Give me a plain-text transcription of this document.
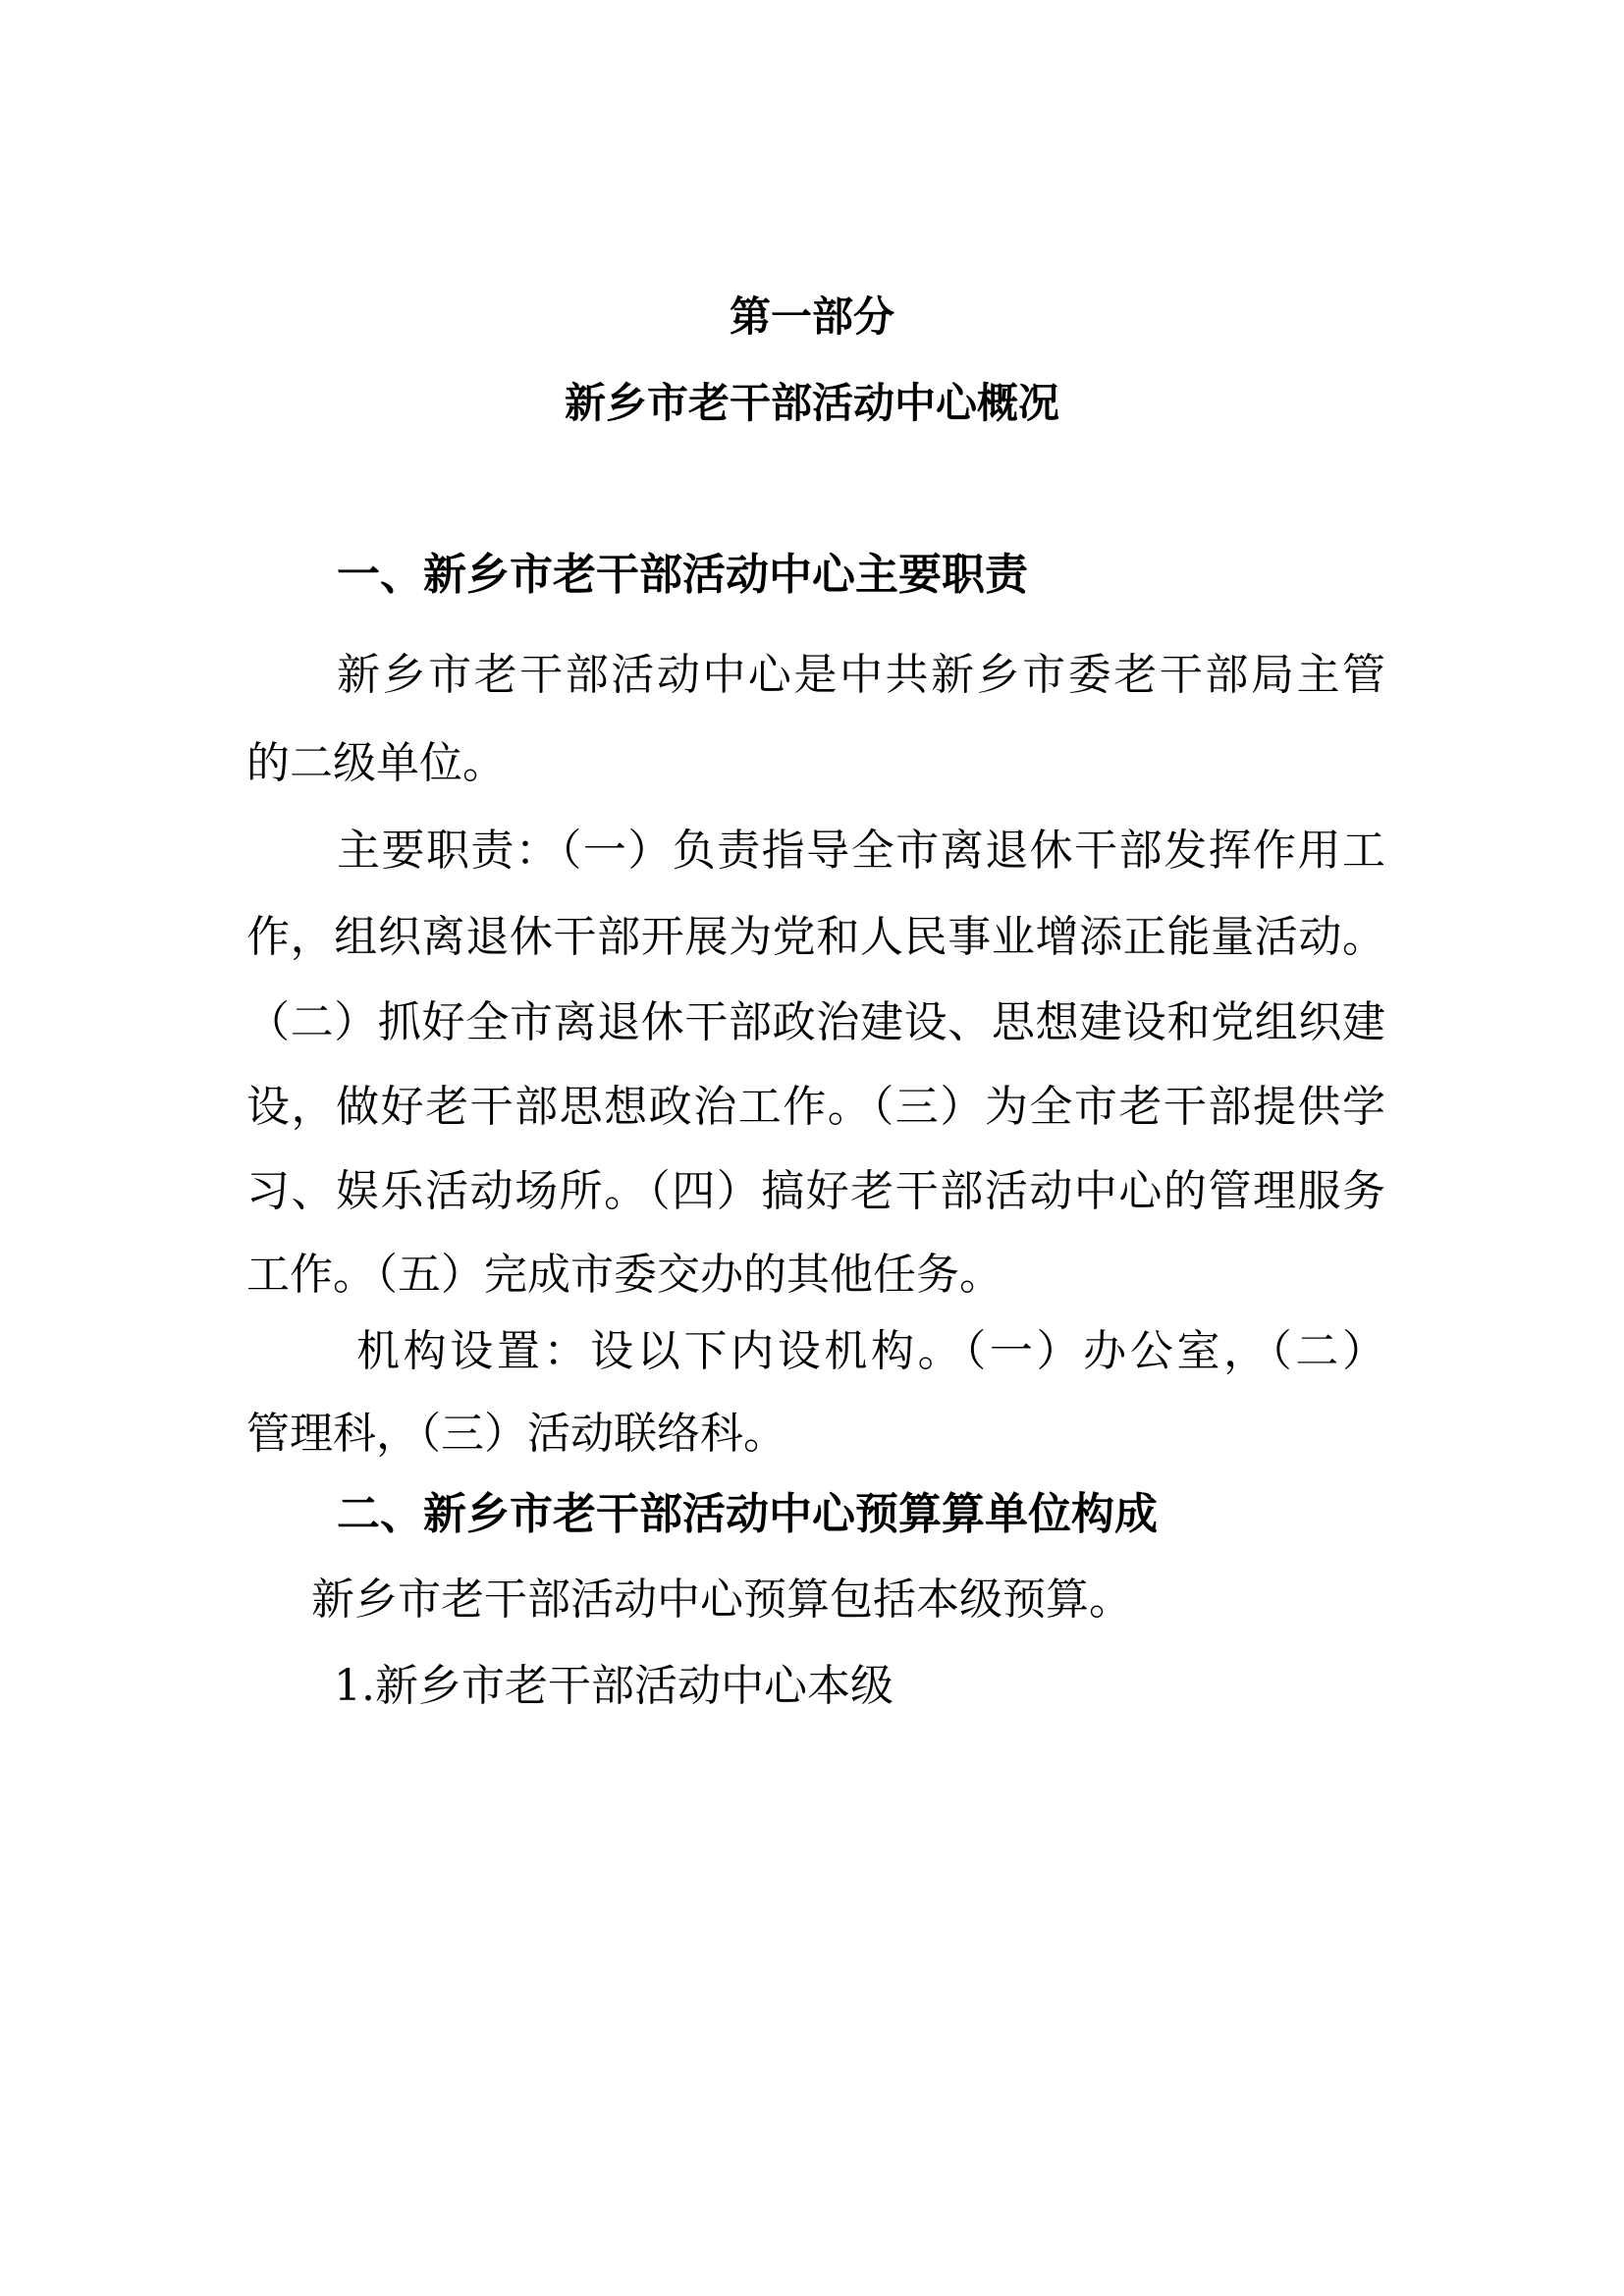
第一部分

新乡市老干部活动中心概况

一、新乡市老干部活动中心主要职责

新乡市老干部活动中心是中共新乡市委老干部局主管

的二级单位。

主要职责：（一）负责指导全市离退休干部发挥作用工

作，组织离退休干部开展为党和人民事业增添正能量活动。

（二）抓好全市离退休干部政治建设、思想建设和党组织建

设，做好老干部思想政治工作。（三）为全市老干部提供学

习、娱乐活动场所。（四）搞好老干部活动中心的管理服务

工作。（五）完成市委交办的其他任务。

机构设置：设以下内设机构。（一）办公室，（二）

管理科，（三）活动联络科。

二、新乡市老干部活动中心预算算单位构成

新乡市老干部活动中心预算包括本级预算。

1.新乡市老干部活动中心本级
